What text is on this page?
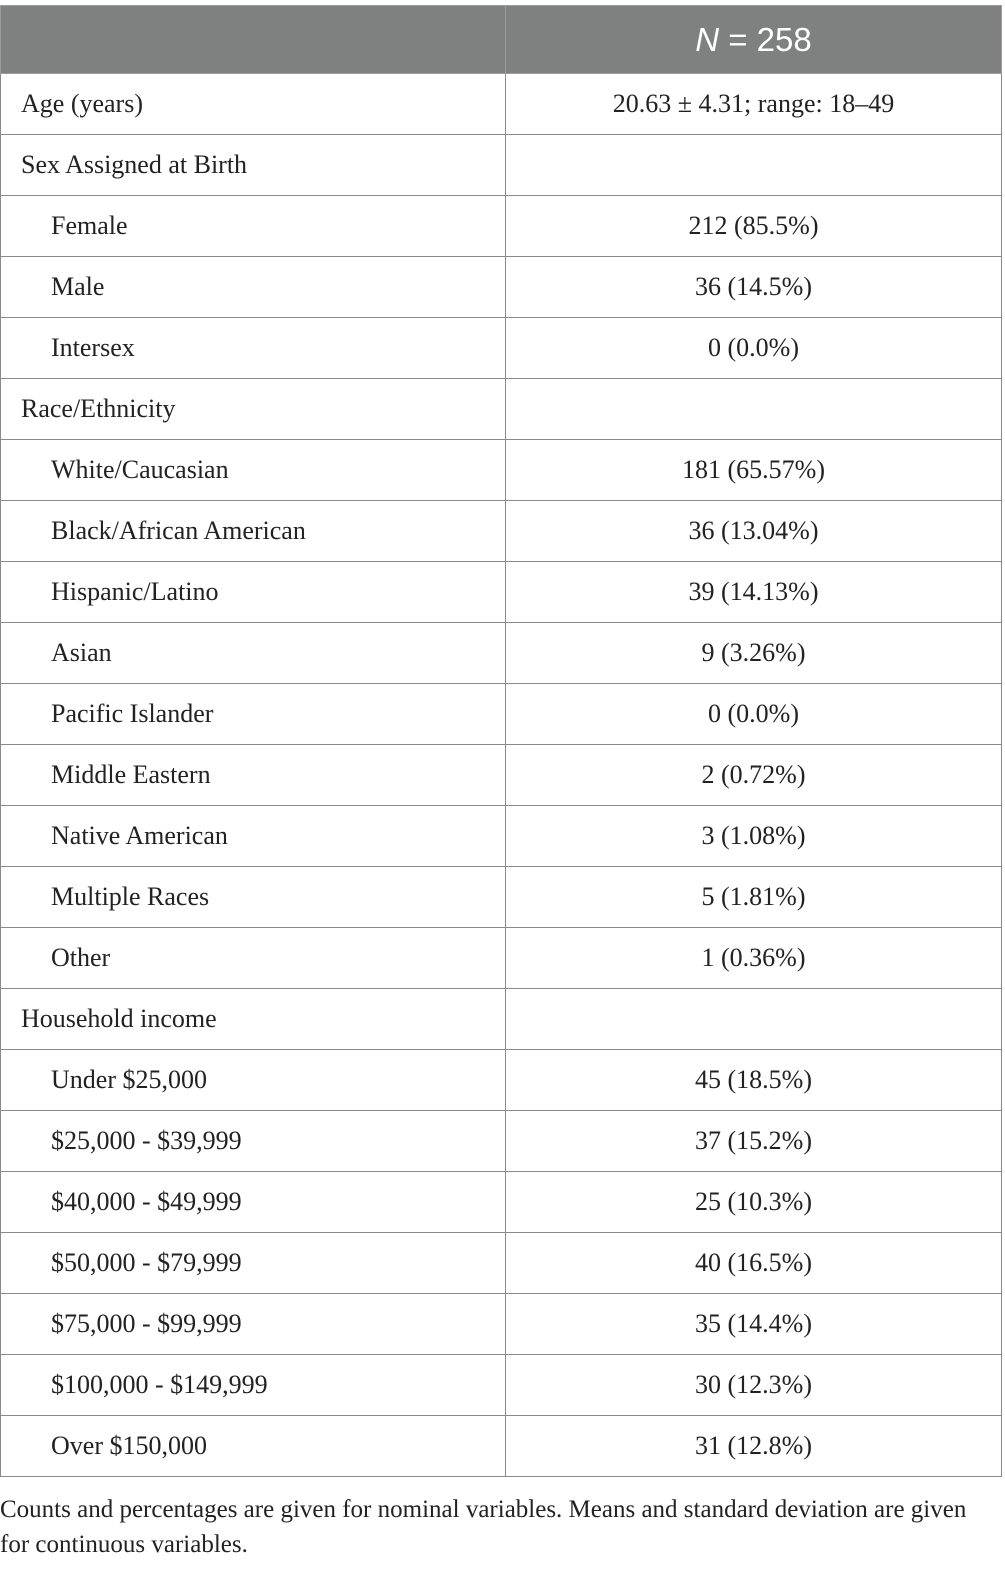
	N = 258
Age (years)	20.63 ± 4.31; range: 18–49
Sex Assigned at Birth	
Female	212 (85.5%)
Male	36 (14.5%)
Intersex	0 (0.0%)
Race/Ethnicity	
White/Caucasian	181 (65.57%)
Black/African American	36 (13.04%)
Hispanic/Latino	39 (14.13%)
Asian	9 (3.26%)
Pacific Islander	0 (0.0%)
Middle Eastern	2 (0.72%)
Native American	3 (1.08%)
Multiple Races	5 (1.81%)
Other	1 (0.36%)
Household income	
Under $25,000	45 (18.5%)
$25,000 - $39,999	37 (15.2%)
$40,000 - $49,999	25 (10.3%)
$50,000 - $79,999	40 (16.5%)
$75,000 - $99,999	35 (14.4%)
$100,000 - $149,999	30 (12.3%)
Over $150,000	31 (12.8%)
Counts and percentages are given for nominal variables. Means and standard deviation are given for continuous variables.
